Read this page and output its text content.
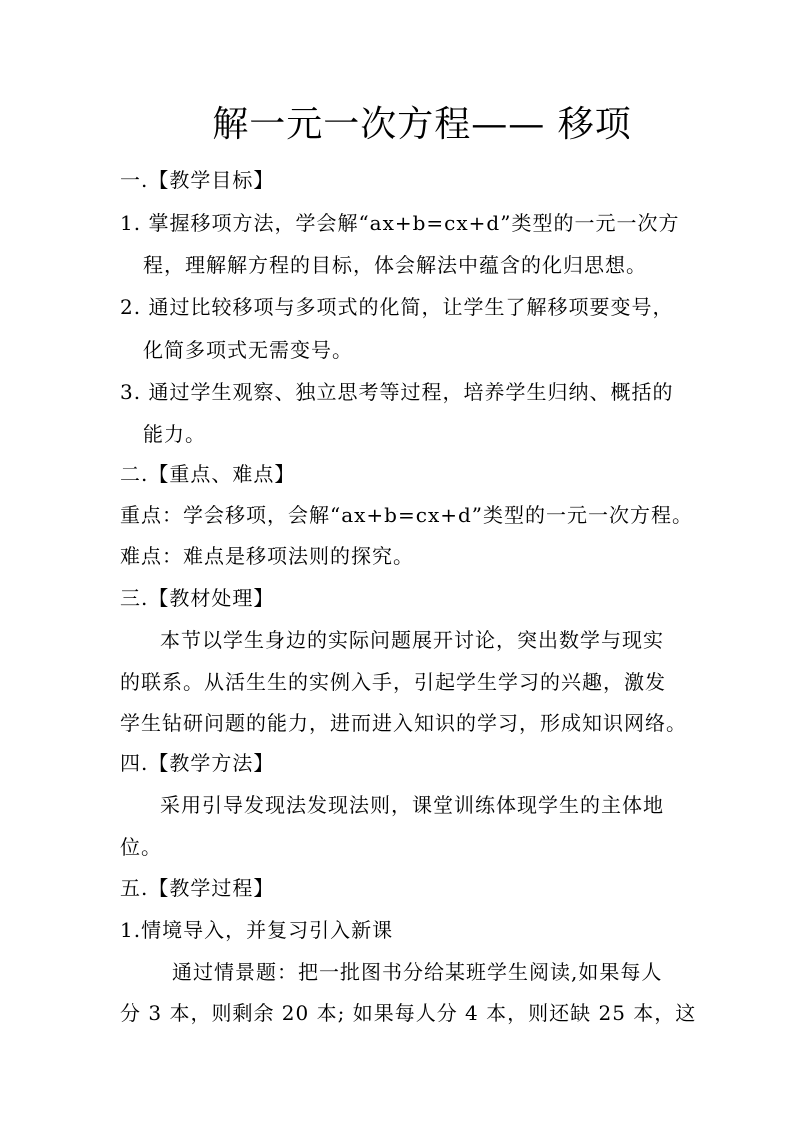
解一元一次方程—— 移项
一.【教学目标】
1. 掌握移项方法，学会解“ax+b=cx+d”类型的一元一次方
程，理解解方程的目标，体会解法中蕴含的化归思想。
2. 通过比较移项与多项式的化简，让学生了解移项要变号，
化简多项式无需变号。
3. 通过学生观察、独立思考等过程，培养学生归纳、概括的
能力。
二.【重点、难点】
重点：学会移项，会解“ax+b=cx+d”类型的一元一次方程。
难点：难点是移项法则的探究。
三.【教材处理】
本节以学生身边的实际问题展开讨论，突出数学与现实
的联系。从活生生的实例入手，引起学生学习的兴趣，激发
学生钻研问题的能力，进而进入知识的学习，形成知识网络。
四.【教学方法】
采用引导发现法发现法则，课堂训练体现学生的主体地
位。
五.【教学过程】
1.情境导入，并复习引入新课
通过情景题：把一批图书分给某班学生阅读,如果每人
分 3 本，则剩余 20 本; 如果每人分 4 本，则还缺 25 本，这
